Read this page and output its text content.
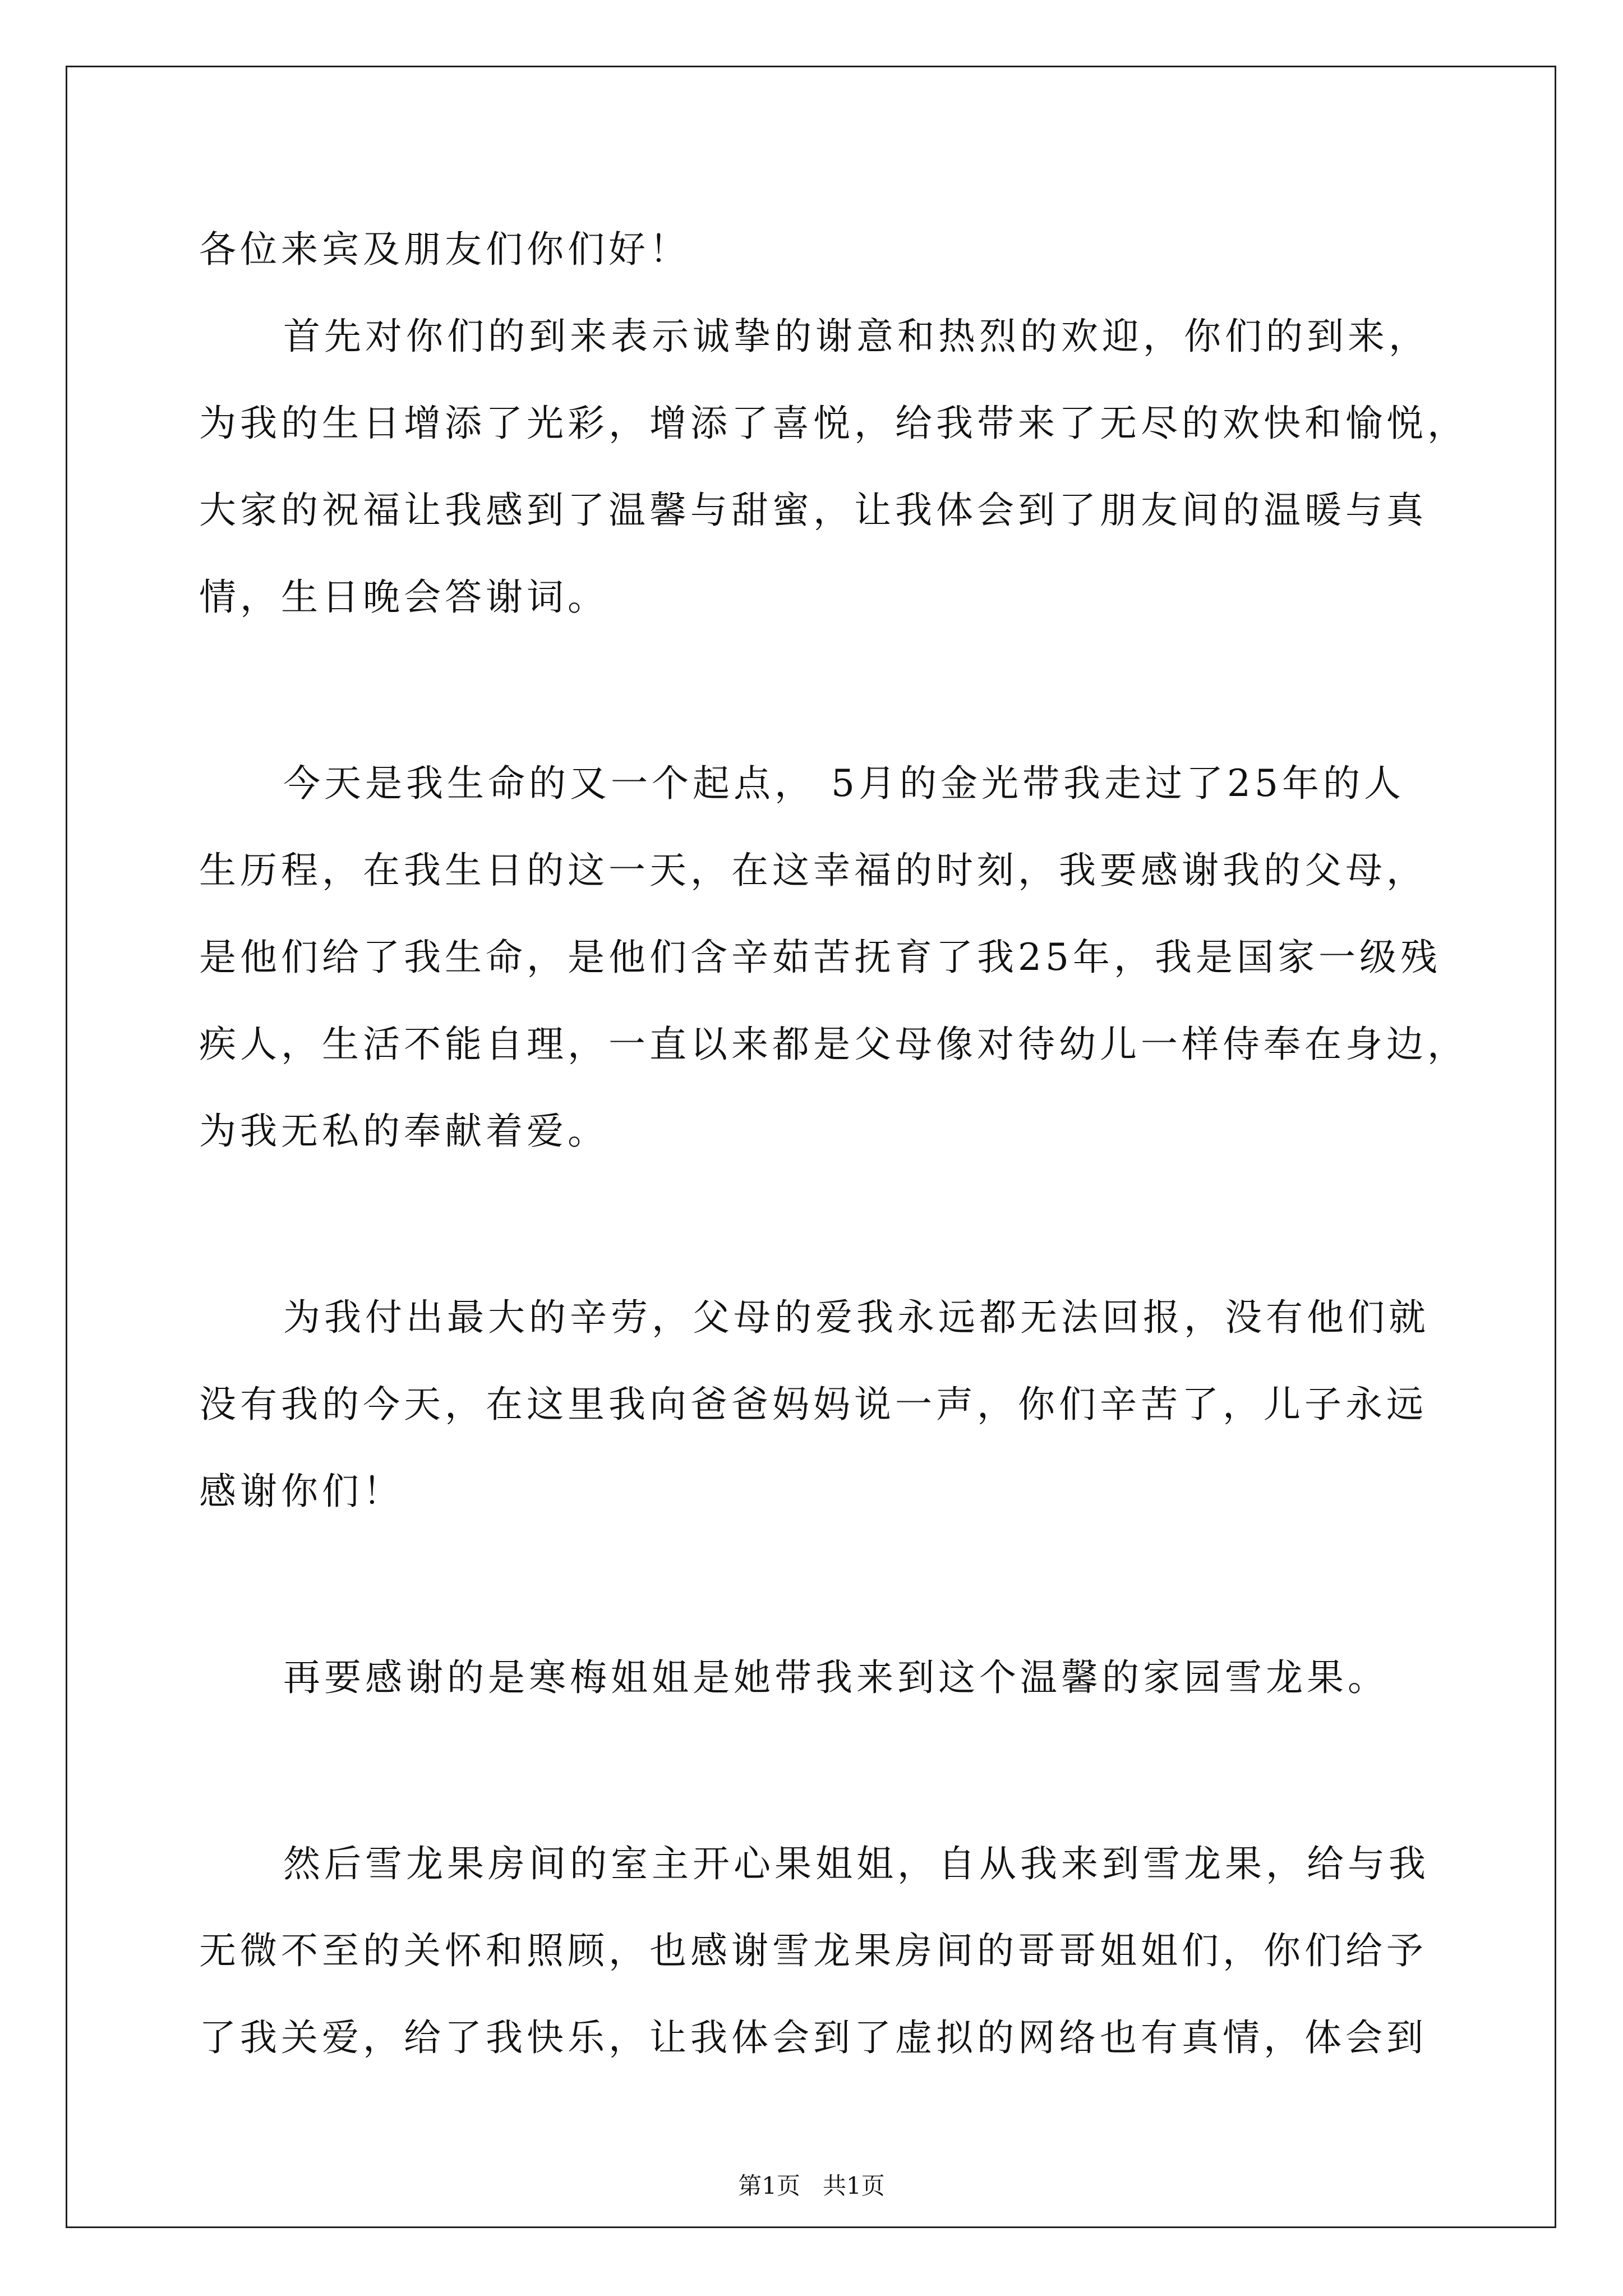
各位来宾及朋友们你们好！
首先对你们的到来表示诚挚的谢意和热烈的欢迎，你们的到来，
为我的生日增添了光彩，增添了喜悦，给我带来了无尽的欢快和愉悦，
大家的祝福让我感到了温馨与甜蜜，让我体会到了朋友间的温暖与真
情，生日晚会答谢词。
今天是我生命的又一个起点， 5月的金光带我走过了25年的人
生历程，在我生日的这一天，在这幸福的时刻，我要感谢我的父母，
是他们给了我生命，是他们含辛茹苦抚育了我25年，我是国家一级残
疾人，生活不能自理，一直以来都是父母像对待幼儿一样侍奉在身边，
为我无私的奉献着爱。
为我付出最大的辛劳，父母的爱我永远都无法回报，没有他们就
没有我的今天，在这里我向爸爸妈妈说一声，你们辛苦了，儿子永远
感谢你们！
再要感谢的是寒梅姐姐是她带我来到这个温馨的家园雪龙果。
然后雪龙果房间的室主开心果姐姐，自从我来到雪龙果，给与我
无微不至的关怀和照顾，也感谢雪龙果房间的哥哥姐姐们，你们给予
了我关爱，给了我快乐，让我体会到了虚拟的网络也有真情，体会到
第1页   共1页
